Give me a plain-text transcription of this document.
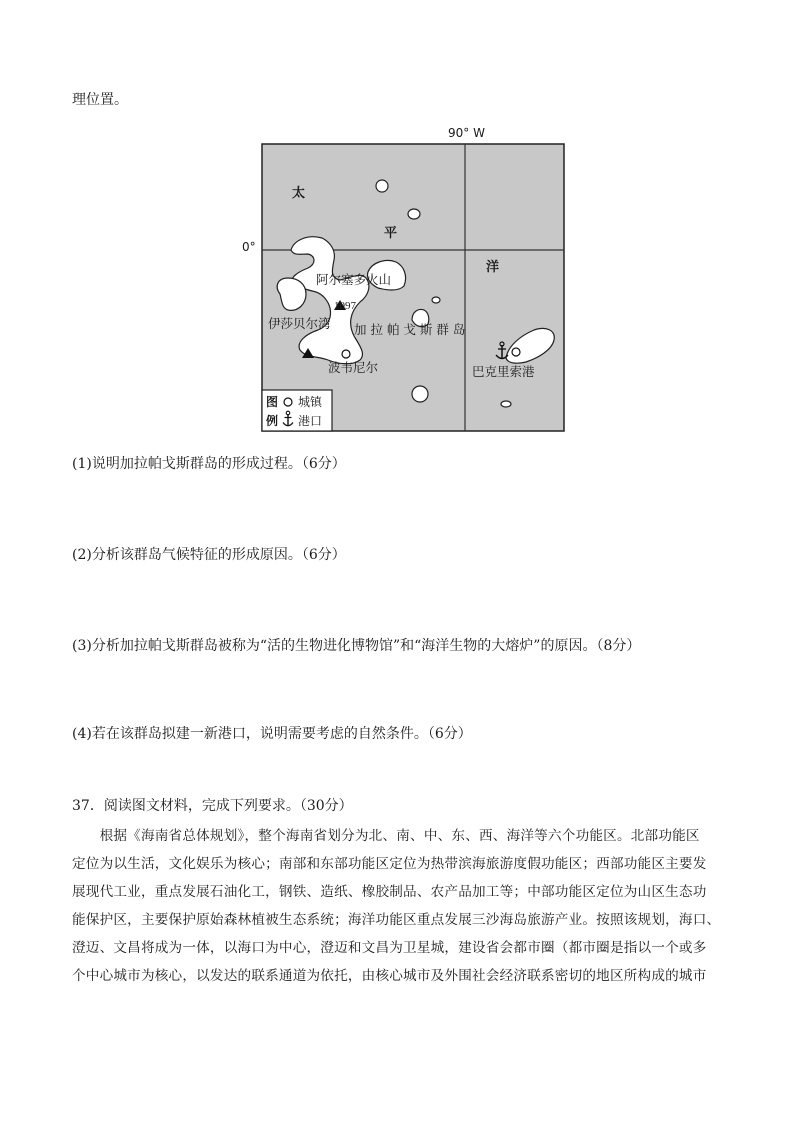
理位置。
90° W
0°
太
平
洋
阿尔塞多火山
1097
伊莎贝尔湾 加 拉 帕 戈 斯 群 岛
波韦尼尔	巴克里索港
图
例
城镇
港口
(1)说明加拉帕戈斯群岛的形成过程。（6分）
(2)分析该群岛气候特征的形成原因。（6分）
(3)分析加拉帕戈斯群岛被称为“活的生物进化博物馆”和“海洋生物的大熔炉”的原因。（8分）
(4)若在该群岛拟建一新港口，说明需要考虑的自然条件。（6分）
37．阅读图文材料，完成下列要求。（30分）
　　根据《海南省总体规划》，整个海南省划分为北、南、中、东、西、海洋等六个功能区。北部功能区
定位为以生活，文化娱乐为核心；南部和东部功能区定位为热带滨海旅游度假功能区；西部功能区主要发
展现代工业，重点发展石油化工，钢铁、造纸、橡胶制品、农产品加工等；中部功能区定位为山区生态功
能保护区，主要保护原始森林植被生态系统；海洋功能区重点发展三沙海岛旅游产业。按照该规划，海口、
澄迈、文昌将成为一体，以海口为中心，澄迈和文昌为卫星城，建设省会都市圈（都市圈是指以一个或多
个中心城市为核心，以发达的联系通道为依托，由核心城市及外围社会经济联系密切的地区所构成的城市
